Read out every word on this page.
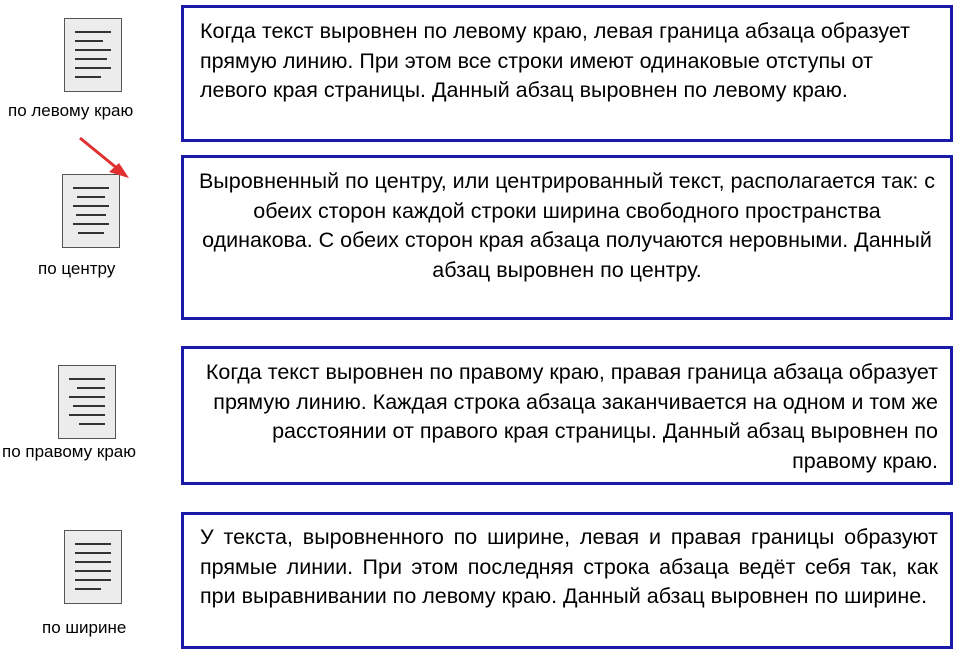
по левому краю
по центру
по правому краю
по ширине

Когда текст выровнен по левому краю, левая граница абзаца образует прямую линию. При этом все строки имеют одинаковые отступы от левого края страницы. Данный абзац выровнен по левому краю.

Выровненный по центру, или центрированный текст, располагается так: с обеих сторон каждой строки ширина свободного пространства одинакова. С обеих сторон края абзаца получаются неровными. Данный абзац выровнен по центру.

Когда текст выровнен по правому краю, правая граница абзаца образует прямую линию. Каждая строка абзаца заканчивается на одном и том же расстоянии от правого края страницы. Данный абзац выровнен по правому краю.

У текста, выровненного по ширине, левая и правая границы образуют прямые линии. При этом последняя строка абзаца ведёт себя так, как при выравнивании по левому краю. Данный абзац выровнен по ширине.
